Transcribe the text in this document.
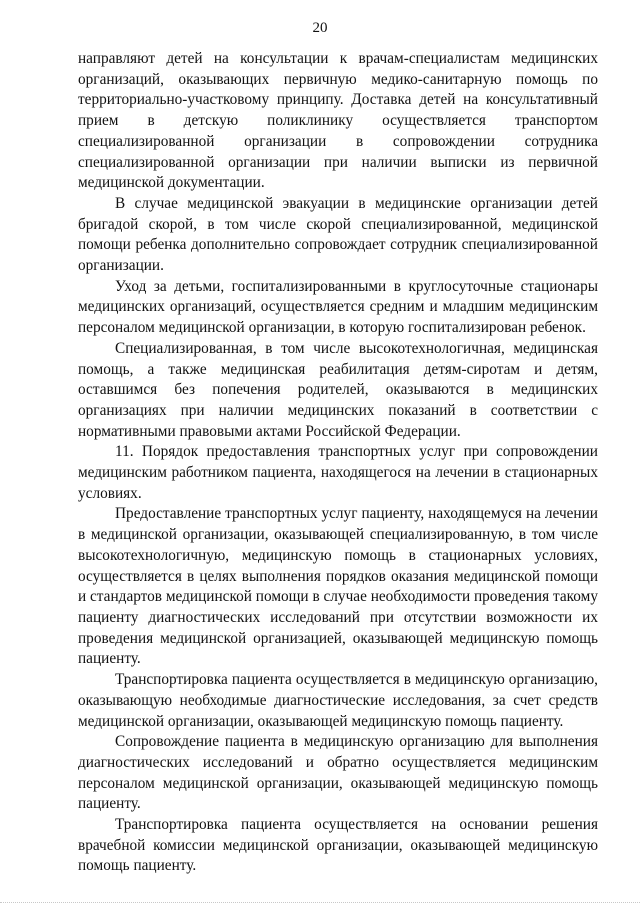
20

направляют детей на консультации к врачам-специалистам медицинских организаций, оказывающих первичную медико-санитарную помощь по территориально-участковому принципу. Доставка детей на консультативный прием в детскую поликлинику осуществляется транспортом специализированной организации в сопровождении сотрудника специализированной организации при наличии выписки из первичной медицинской документации.

В случае медицинской эвакуации в медицинские организации детей бригадой скорой, в том числе скорой специализированной, медицинской помощи ребенка дополнительно сопровождает сотрудник специализированной организации.

Уход за детьми, госпитализированными в круглосуточные стационары медицинских организаций, осуществляется средним и младшим медицинским персоналом медицинской организации, в которую госпитализирован ребенок.

Специализированная, в том числе высокотехнологичная, медицинская помощь, а также медицинская реабилитация детям-сиротам и детям, оставшимся без попечения родителей, оказываются в медицинских организациях при наличии медицинских показаний в соответствии с нормативными правовыми актами Российской Федерации.

11. Порядок предоставления транспортных услуг при сопровождении медицинским работником пациента, находящегося на лечении в стационарных условиях.

Предоставление транспортных услуг пациенту, находящемуся на лечении в медицинской организации, оказывающей специализированную, в том числе высокотехнологичную, медицинскую помощь в стационарных условиях, осуществляется в целях выполнения порядков оказания медицинской помощи и стандартов медицинской помощи в случае необходимости проведения такому пациенту диагностических исследований при отсутствии возможности их проведения медицинской организацией, оказывающей медицинскую помощь пациенту.

Транспортировка пациента осуществляется в медицинскую организацию, оказывающую необходимые диагностические исследования, за счет средств медицинской организации, оказывающей медицинскую помощь пациенту.

Сопровождение пациента в медицинскую организацию для выполнения диагностических исследований и обратно осуществляется медицинским персоналом медицинской организации, оказывающей медицинскую помощь пациенту.

Транспортировка пациента осуществляется на основании решения врачебной комиссии медицинской организации, оказывающей медицинскую помощь пациенту.
